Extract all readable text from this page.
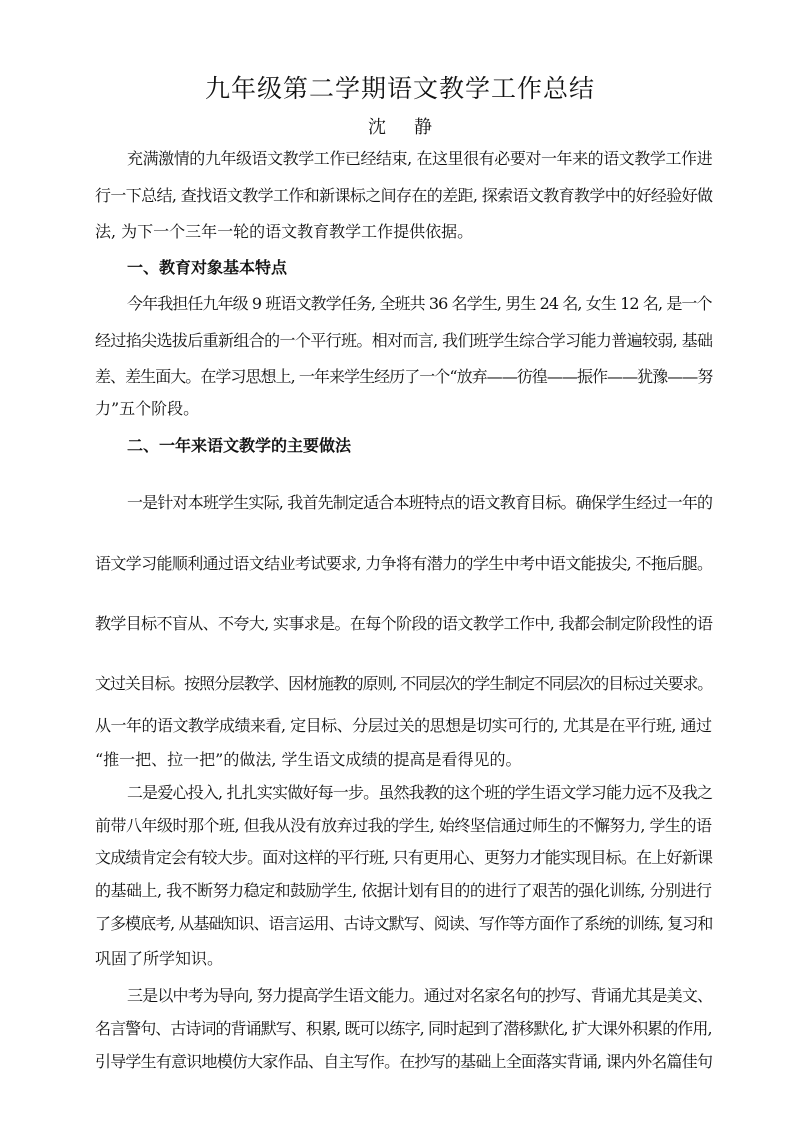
九年级第二学期语文教学工作总结
沈 静
充满激情的九年级语文教学工作已经结束, 在这里很有必要对一年来的语文教学工作进
行一下总结, 查找语文教学工作和新课标之间存在的差距, 探索语文教育教学中的好经验好做
法, 为下一个三年一轮的语文教育教学工作提供依据。
一、教育对象基本特点
今年我担任九年级 9 班语文教学任务, 全班共 36 名学生, 男生 24 名, 女生 12 名, 是一个
经过掐尖选拔后重新组合的一个平行班。相对而言, 我们班学生综合学习能力普遍较弱, 基础
差、差生面大。在学习思想上, 一年来学生经历了一个“放弃——彷徨——振作——犹豫——努
力”五个阶段。
二、一年来语文教学的主要做法
一是针对本班学生实际, 我首先制定适合本班特点的语文教育目标。确保学生经过一年的
语文学习能顺利通过语文结业考试要求, 力争将有潜力的学生中考中语文能拔尖, 不拖后腿。
教学目标不盲从、不夸大, 实事求是。在每个阶段的语文教学工作中, 我都会制定阶段性的语
文过关目标。按照分层教学、因材施教的原则, 不同层次的学生制定不同层次的目标过关要求。
从一年的语文教学成绩来看, 定目标、分层过关的思想是切实可行的, 尤其是在平行班, 通过
“推一把、拉一把”的做法, 学生语文成绩的提高是看得见的。
二是爱心投入, 扎扎实实做好每一步。虽然我教的这个班的学生语文学习能力远不及我之
前带八年级时那个班, 但我从没有放弃过我的学生, 始终坚信通过师生的不懈努力, 学生的语
文成绩肯定会有较大步。面对这样的平行班, 只有更用心、更努力才能实现目标。在上好新课
的基础上, 我不断努力稳定和鼓励学生, 依据计划有目的的进行了艰苦的强化训练, 分别进行
了多模底考, 从基础知识、语言运用、古诗文默写、阅读、写作等方面作了系统的训练, 复习和
巩固了所学知识。
三是以中考为导向, 努力提高学生语文能力。通过对名家名句的抄写、背诵尤其是美文、
名言警句、古诗词的背诵默写、积累, 既可以练字, 同时起到了潜移默化, 扩大课外积累的作用,
引导学生有意识地模仿大家作品、自主写作。在抄写的基础上全面落实背诵, 课内外名篇佳句
